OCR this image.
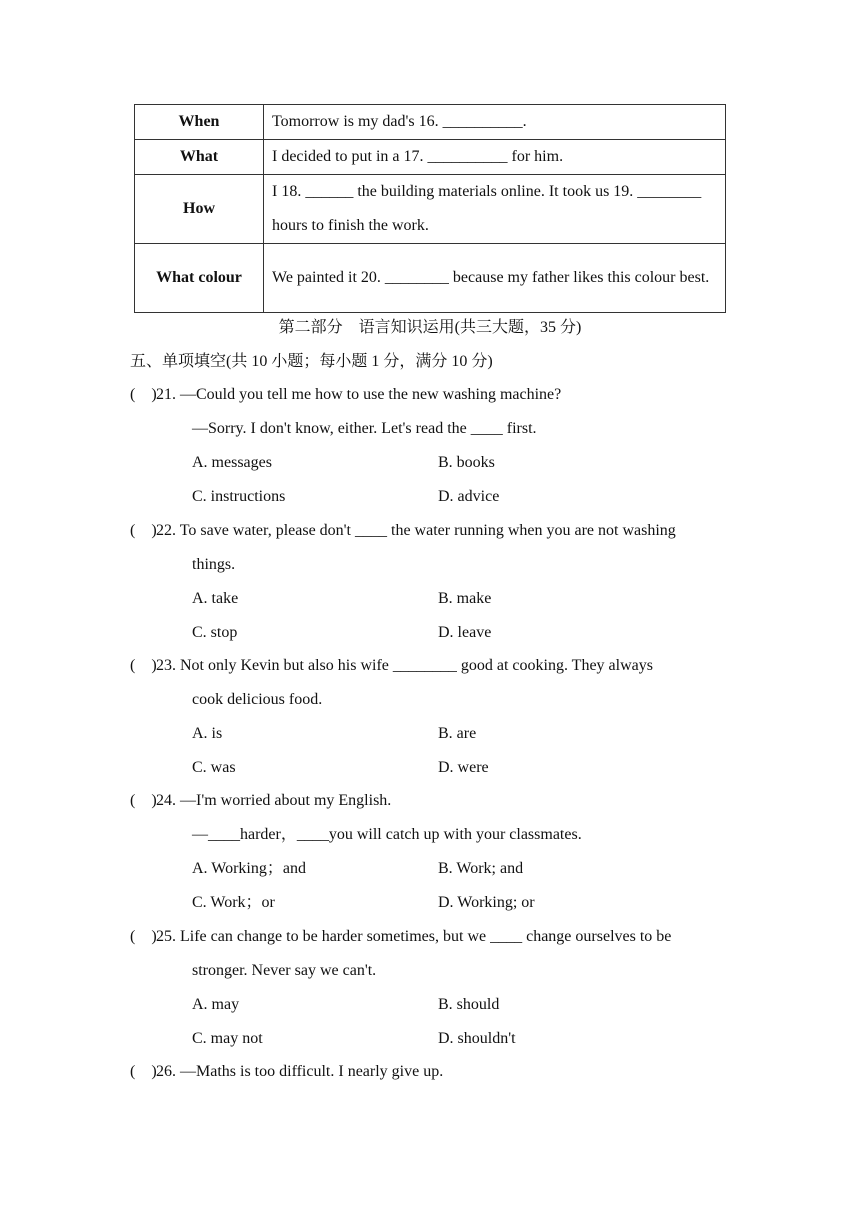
When	Tomorrow is my dad's 16. __________.
What	I decided to put in a 17. __________ for him.
How	I 18. ______ the building materials online. It took us 19. ________ hours to finish the work.
What colour	We painted it 20. ________ because my father likes this colour best.
第二部分　语言知识运用(共三大题，35 分)
五、单项填空(共 10 小题；每小题 1 分，满分 10 分)
(　) 21. —Could you tell me how to use the new washing machine?
—Sorry. I don't know, either. Let's read the ____ first.
A. messages	B. books
C. instructions	D. advice
(　) 22. To save water, please don't ____ the water running when you are not washing
things.
A. take	B. make
C. stop	D. leave
(　) 23. Not only Kevin but also his wife ________ good at cooking. They always
cook delicious food.
A. is	B. are
C. was	D. were
(　) 24. —I'm worried about my English.
—____harder，____you will catch up with your classmates.
A. Working；and	B. Work; and
C. Work；or	D. Working; or
(　) 25. Life can change to be harder sometimes, but we ____ change ourselves to be
stronger. Never say we can't.
A. may	B. should
C. may not	D. shouldn't
(　) 26. —Maths is too difficult. I nearly give up.
